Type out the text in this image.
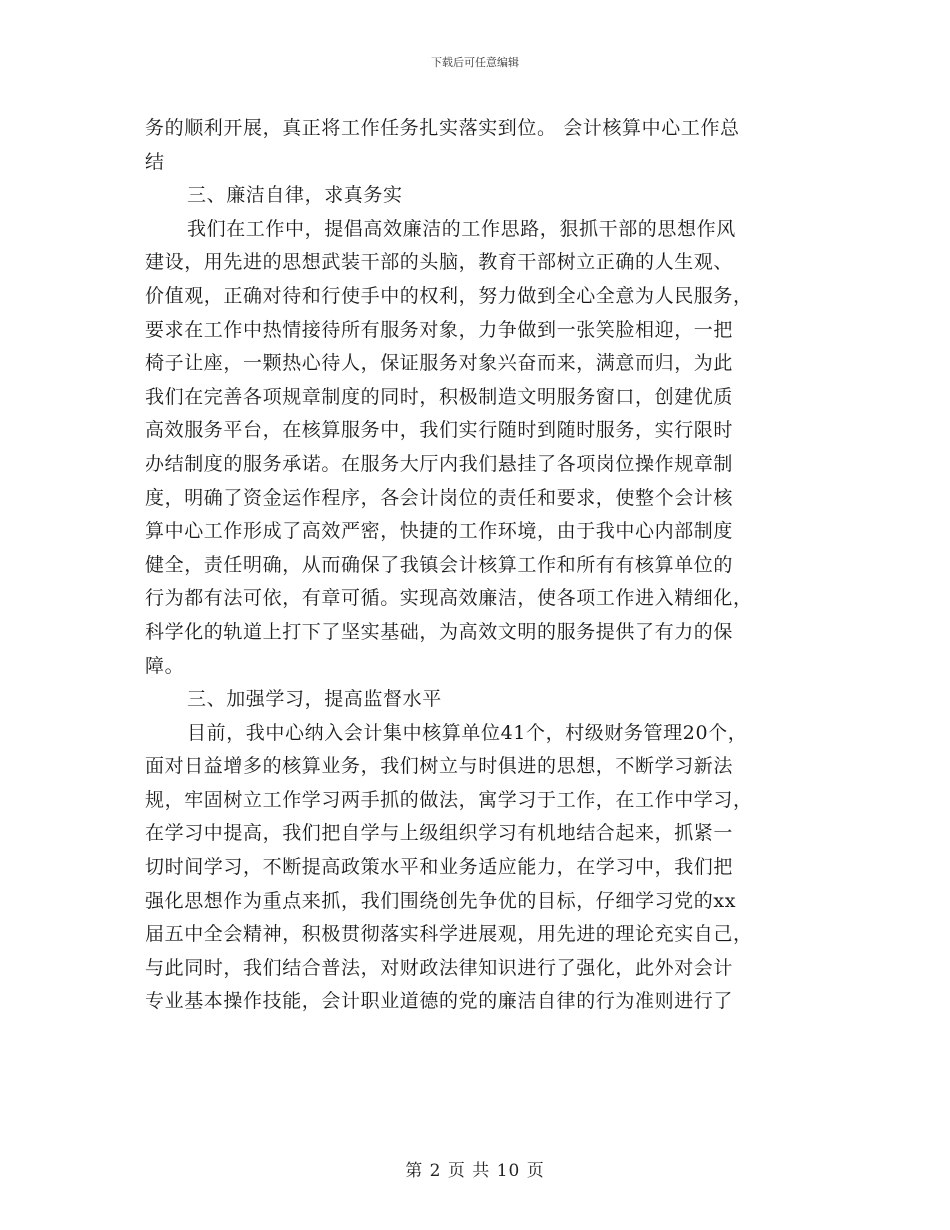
下载后可任意编辑
务的顺利开展，真正将工作任务扎实落实到位。 会计核算中心工作总
结
三、廉洁自律，求真务实
我们在工作中，提倡高效廉洁的工作思路，狠抓干部的思想作风
建设，用先进的思想武装干部的头脑，教育干部树立正确的人生观、
价值观，正确对待和行使手中的权利，努力做到全心全意为人民服务，
要求在工作中热情接待所有服务对象，力争做到一张笑脸相迎，一把
椅子让座，一颗热心待人，保证服务对象兴奋而来，满意而归，为此
我们在完善各项规章制度的同时，积极制造文明服务窗口，创建优质
高效服务平台，在核算服务中，我们实行随时到随时服务，实行限时
办结制度的服务承诺。在服务大厅内我们悬挂了各项岗位操作规章制
度，明确了资金运作程序，各会计岗位的责任和要求，使整个会计核
算中心工作形成了高效严密，快捷的工作环境，由于我中心内部制度
健全，责任明确，从而确保了我镇会计核算工作和所有有核算单位的
行为都有法可依，有章可循。实现高效廉洁，使各项工作进入精细化，
科学化的轨道上打下了坚实基础，为高效文明的服务提供了有力的保
障。
三、加强学习，提高监督水平
目前，我中心纳入会计集中核算单位41个，村级财务管理20个，
面对日益增多的核算业务，我们树立与时俱进的思想，不断学习新法
规，牢固树立工作学习两手抓的做法，寓学习于工作，在工作中学习，
在学习中提高，我们把自学与上级组织学习有机地结合起来，抓紧一
切时间学习，不断提高政策水平和业务适应能力，在学习中，我们把
强化思想作为重点来抓，我们围绕创先争优的目标，仔细学习党的xx
届五中全会精神，积极贯彻落实科学进展观，用先进的理论充实自己，
与此同时，我们结合普法，对财政法律知识进行了强化，此外对会计
专业基本操作技能，会计职业道德的党的廉洁自律的行为准则进行了
第 2 页 共 10 页
